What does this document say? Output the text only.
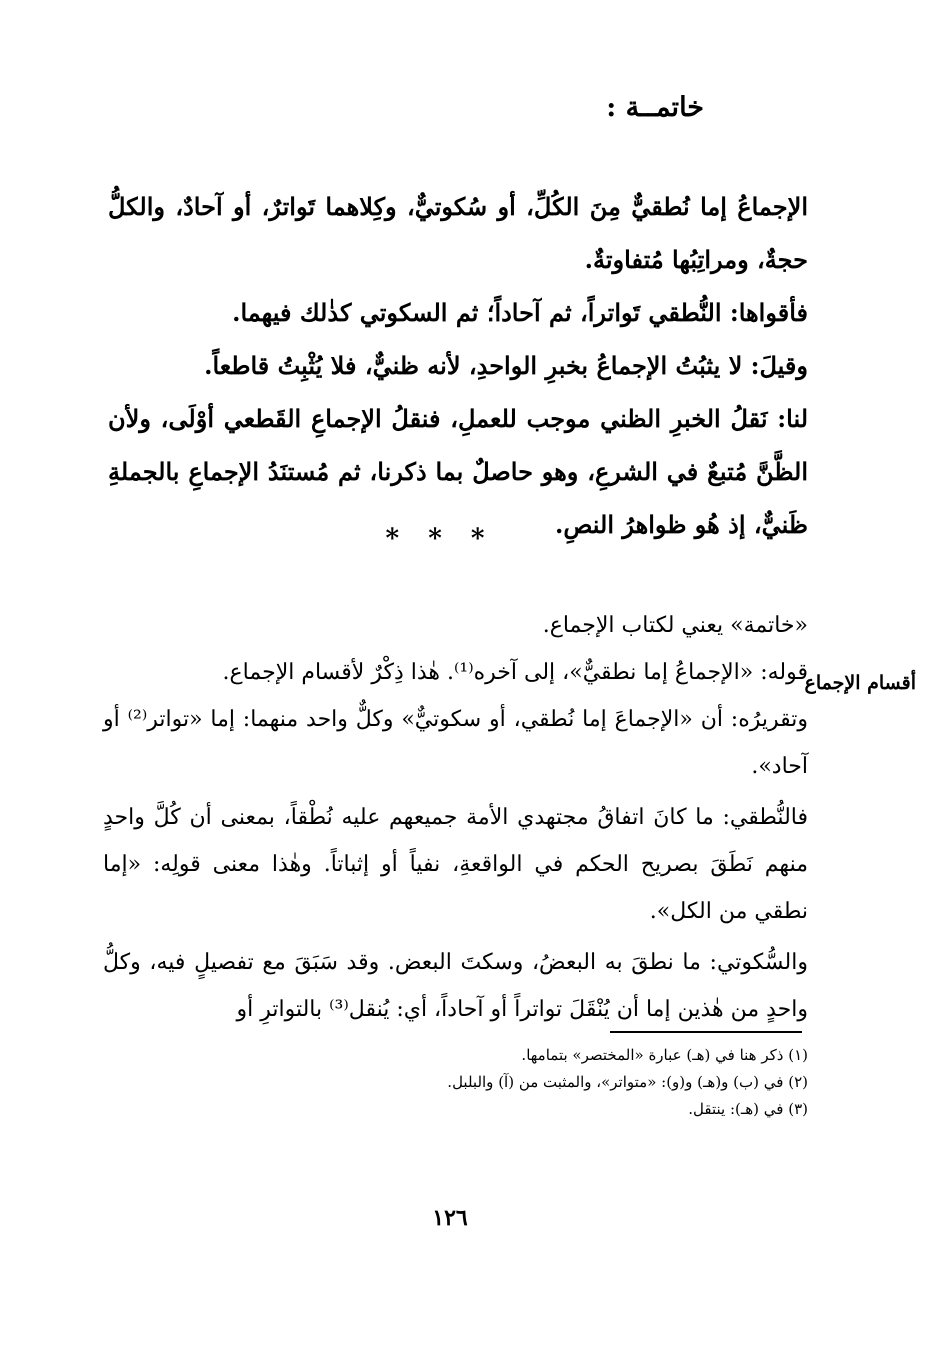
خاتمــة :

الإجماعُ إما نُطقيٌّ مِنَ الكُلِّ، أو سُكوتيٌّ، وكِلاهما تَواترٌ، أو آحادٌ، والكلُّ حجةٌ، ومراتِبُها مُتفاوتةٌ.

فأقواها: النُّطقي تَواتراً، ثم آحاداً؛ ثم السكوتي كذٰلك فيهما.

وقيلَ: لا يثبُتُ الإجماعُ بخبرِ الواحدِ، لأنه ظنيٌّ، فلا يُثْبِتُ قاطعاً.

لنا: نَقلُ الخبرِ الظني موجب للعملِ، فنقلُ الإجماعِ القَطعي أوْلَى، ولأن الظَّنَّ مُتبعٌ في الشرعِ، وهو حاصلٌ بما ذكرنا، ثم مُستنَدُ الإجماعِ بالجملةِ ظَنيٌّ، إذ هُو ظواهرُ النصِ.

* * *
أقسام الإجماع

«خاتمة» يعني لكتاب الإجماع.

قوله: «الإجماعُ إما نطقيٌّ»، إلى آخره⁽¹⁾. هٰذا ذِكْرٌ لأقسام الإجماع.

وتقريرُه: أن «الإجماعَ إما نُطقي، أو سكوتيٌّ» وكلٌّ واحد منهما: إما «تواتر⁽²⁾ أو آحاد».

فالنُّطقي: ما كانَ اتفاقُ مجتهدي الأمة جميعهم عليه نُطْقاً، بمعنى أن كُلَّ واحدٍ منهم نَطَقَ بصريح الحكم في الواقعةِ، نفياً أو إثباتاً. وهٰذا معنى قولِه: «إما نطقي من الكل».

والسُّكوتي: ما نطقَ به البعضُ، وسكتَ البعض. وقد سَبَقَ مع تفصيلٍ فيه، وكلُّ واحدٍ من هٰذين إما أن يُنْقَلَ تواتراً أو آحاداً، أي: يُنقل⁽³⁾ بالتواترِ أو

(١) ذكر هنا في (هـ) عبارة «المختصر» بتمامها.
(٢) في (ب) و(هـ) و(و): «متواتر»، والمثبت من (آ) والبلبل.
(٣) في (هـ): ينتقل.
١٢٦
